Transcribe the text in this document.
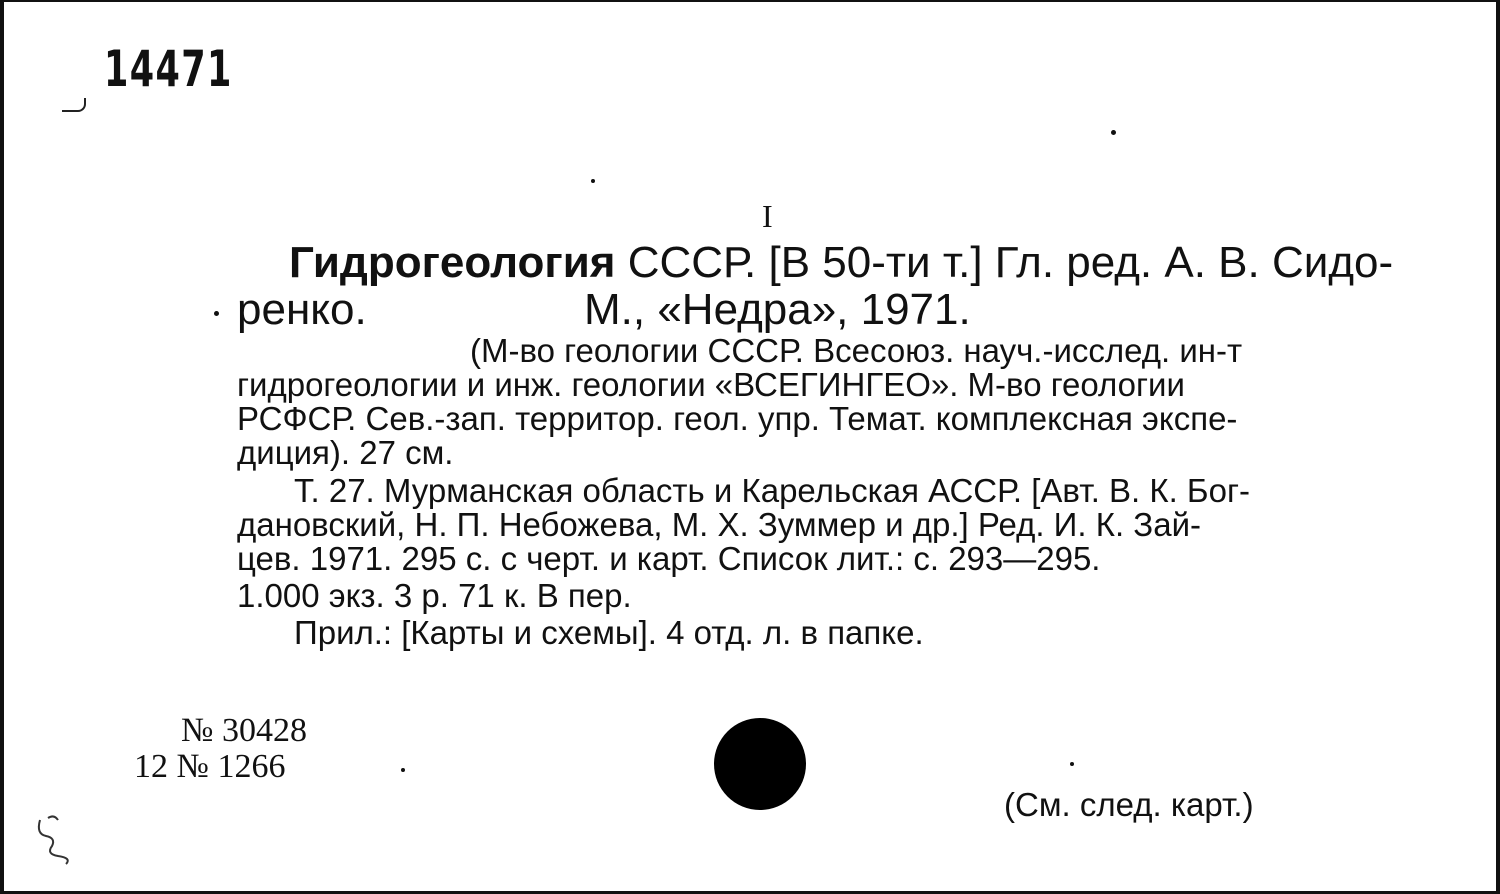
14471
I
Гидрогеология СССР. [В 50-ти т.] Гл. ред. А. В. Сидо-
ренко.	М., «Недра», 1971.
(М-во геологии СССР. Всесоюз. науч.-исслед. ин-т
гидрогеологии и инж. геологии «ВСЕГИНГЕО». М-во геологии
РСФСР. Сев.-зап. территор. геол. упр. Темат. комплексная экспе-
диция). 27 см.
Т. 27. Мурманская область и Карельская АССР. [Авт. В. К. Бог-
дановский, Н. П. Небожева, М. Х. Зуммер и др.] Ред. И. К. Зай-
цев. 1971. 295 с. с черт. и карт. Список лит.: с. 293—295.
1.000 экз. 3 р. 71 к. В пер.
Прил.: [Карты и схемы]. 4 отд. л. в папке.
№ 30428
12 № 1266
(См. след. карт.)
